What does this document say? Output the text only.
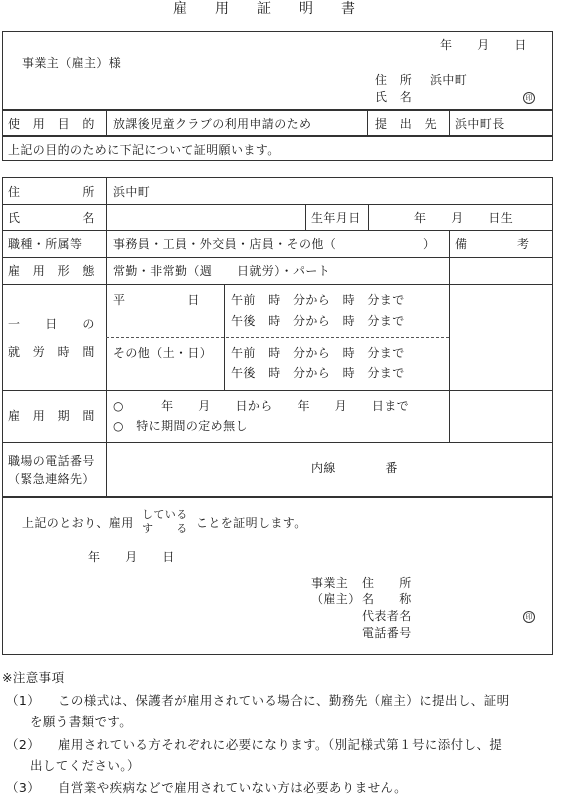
雇　　用　　証　　明　　書
年　　月　　日
事業主（雇主）様
住　所 浜中町
氏　名	印
使　用　目　的 放課後児童クラブの利用申請のため	提　出　先 浜中町長
上記の目的のために下記について証明願います。
住　　　　　所 浜中町
氏　　　　　名	生年月日	年　　月　　日生
職種・所属等	事務員・工員・外交員・店員・その他（　　　　　　　） 備　　　　考
雇　用　形　態 常勤・非常勤（週　　日就労）・パート
一　　日　　の
就　労　時　間
平　　　　　日	午前　時　分から　時　分まで
午後　時　分から　時　分まで
その他（土・日） 午前　時　分から　時　分まで
午後　時　分から　時　分まで
雇　用　期　間
○　　　年　　月　　日から　　年　　月　　日まで
○　特に期間の定め無し
職場の電話番号
（緊急連絡先）
内線　　　　番
上記のとおり、雇用
している
す　　る ことを証明します。
年　　月　　日
事業主
（雇主）
住　　所
名　　称
代表者名
電話番号
印
※注意事項
（1） この様式は、保護者が雇用されている場合に、勤務先（雇主）に提出し、証明
を願う書類です。
（2） 雇用されている方それぞれに必要になります。（別記様式第１号に添付し、提
出してください。）
（3） 自営業や疾病などで雇用されていない方は必要ありません。
